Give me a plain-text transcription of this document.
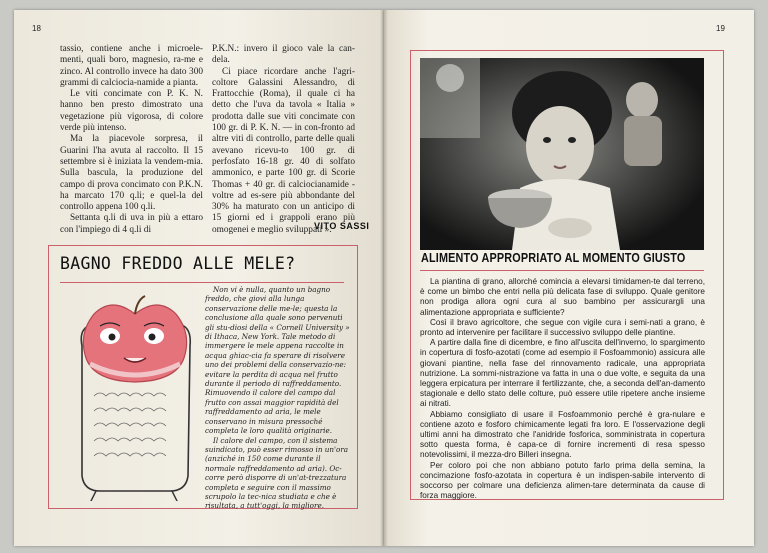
18

tassio, contiene anche i microele-menti, quali boro, magnesio, ra-me e zinco. Al controllo invece ha dato 300 grammi di calciocia-namide a pianta.

Le viti concimate con P. K. N. hanno ben presto dimostrato una vegetazione più vigorosa, di colore verde più intenso.

Ma la piacevole sorpresa, il Guarini l'ha avuta al raccolto. Il 15 settembre si è iniziata la vendem-mia. Sulla bascula, la produzione del campo di prova concimato con P.K.N. ha marcato 170 q.li; e quel-la del controllo appena 100 q.li.

Settanta q.li di uva in più a ettaro con l'impiego di 4 q.li di

P.K.N.: invero il gioco vale la can-dela.

Ci piace ricordare anche l'agri-coltore Galassini Alessandro, di Frattocchie (Roma), il quale ci ha detto che l'uva da tavola « Italia » prodotta dalle sue viti concimate con 100 gr. di P. K. N. — in con-fronto ad altre viti di controllo, parte delle quali avevano ricevu-to 100 gr. di perfosfato 16-18 gr. 40 di solfato ammonico, e parte 100 gr. di Scorie Thomas + 40 gr. di calciocianamide - voltre ad es-sere più abbondante del 30% ha maturato con un anticipo di 15 giorni ed i grappoli erano più omogenei e meglio sviluppati ».

VITO SASSI
BAGNO FREDDO ALLE MELE?

Non vi è nulla, quanto un bagno freddo, che giovi alla lunga conservazione delle me-le; questa la conclusione alla quale sono pervenuti gli stu-diosi della « Cornell University » di Ithaca, New York. Tale metodo di immergere le mele appena raccolte in acqua ghiac-cia fa sperare di risolvere uno dei problemi della conservazio-ne: evitare la perdita di acqua nel frutto durante il periodo di raffreddamento. Rimuovendo il calore del campo dal frutto con assai maggior rapidità del raffreddamento ad aria, le mele conservano in misura pressoché completa le loro qualità originarie.

Il calore del campo, con il sistema suindicato, può esser rimosso in un'ora (anziché in 150 come durante il normale raffreddamento ad aria). Oc-corre però disporre di un'at-trezzatura completa e seguire con il massimo scrupolo la tec-nica studiata e che è risultata, a tutt'oggi, la migliore.

19
ALIMENTO APPROPRIATO AL MOMENTO GIUSTO

La piantina di grano, allorché comincia a elevarsi timidamen-te dal terreno, è come un bimbo che entri nella più delicata fase di sviluppo. Quale genitore non prodiga allora ogni cura al suo bambino per assicurargli una alimentazione appropriata e sufficiente?

Così il bravo agricoltore, che segue con vigile cura i semi-nati a grano, è pronto ad intervenire per facilitare il successivo sviluppo delle piantine.

A partire dalla fine di dicembre, e fino all'uscita dell'inverno, lo spargimento in copertura di fosfo-azotati (come ad esempio il Fosfoammonio) assicura alle giovani piantine, nella fase del rinnovamento radicale, una appropriata nutrizione. La sommi-nistrazione va fatta in una o due volte, e seguita da una leggera erpicatura per interrare il fertilizzante, che, a seconda dell'an-damento stagionale e dello stato delle colture, può essere utile ripetere anche insieme ai nitrati.

Abbiamo consigliato di usare il Fosfoammonio perché è gra-nulare e contiene azoto e fosforo chimicamente legati fra loro. E l'osservazione degli ultimi anni ha dimostrato che l'anidride fosforica, somministrata in copertura sotto questa forma, è capa-ce di fornire incrementi di resa spesso notevolissimi, il mezza-dro Billeri insegna.

Per coloro poi che non abbiano potuto farlo prima della semina, la concimazione fosfo-azotata in copertura è un indispen-sabile intervento di soccorso per colmare una deficienza alimen-tare determinata da cause di forza maggiore.
